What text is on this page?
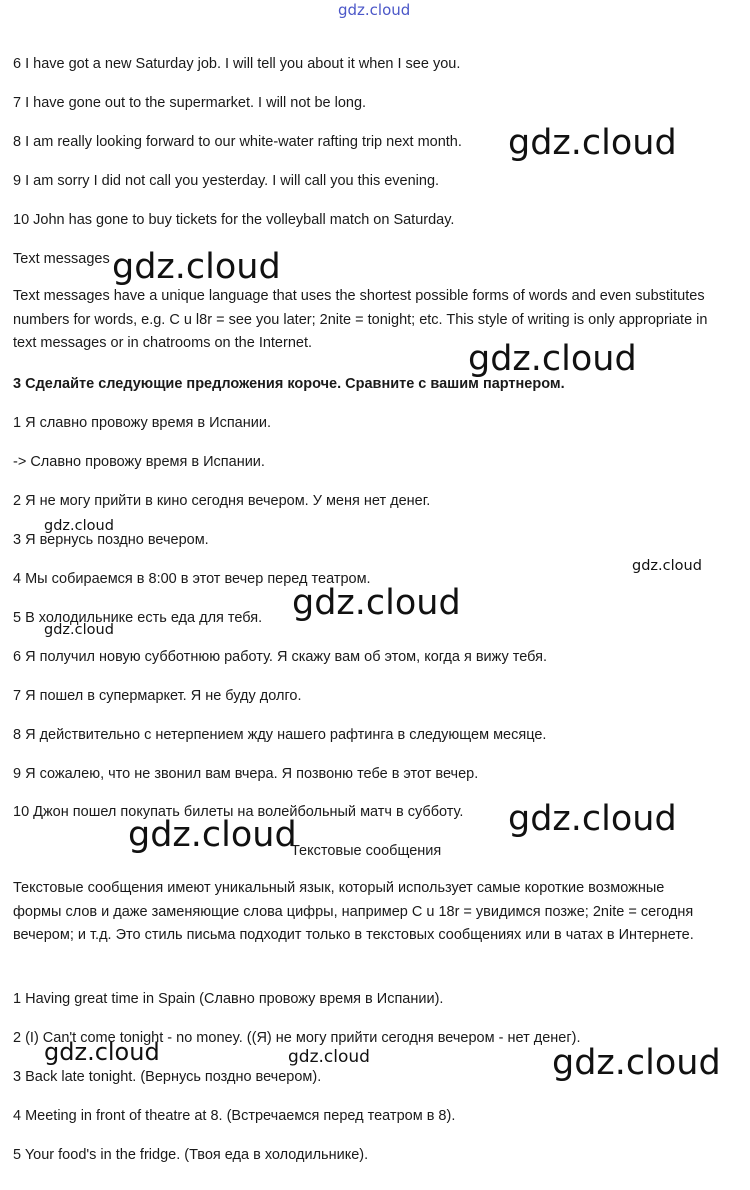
gdz.cloud

6 I have got a new Saturday job. I will tell you about it when I see you.

7 I have gone out to the supermarket. I will not be long.

8 I am really looking forward to our white-water rafting trip next month.

9 I am sorry I did not call you yesterday. I will call you this evening.

10 John has gone to buy tickets for the volleyball match on Saturday.

Text messages

Text messages have a unique language that uses the shortest possible forms of words and even substitutes numbers for words, e.g. C u l8r = see you later; 2nite = tonight; etc. This style of writing is only appropriate in text messages or in chatrooms on the Internet.

3 Сделайте следующие предложения короче. Сравните с вашим партнером.

1 Я славно провожу время в Испании.

-> Славно провожу время в Испании.

2 Я не могу прийти в кино сегодня вечером. У меня нет денег.

3 Я вернусь поздно вечером.

4 Мы собираемся в 8:00 в этот вечер перед театром.

5 В холодильнике есть еда для тебя.

6 Я получил новую субботнюю работу. Я скажу вам об этом, когда я вижу тебя.

7 Я пошел в супермаркет. Я не буду долго.

8 Я действительно с нетерпением жду нашего рафтинга в следующем месяце.

9 Я сожалею, что не звонил вам вчера. Я позвоню тебе в этот вечер.

10 Джон пошел покупать билеты на волейбольный матч в субботу.

Текстовые сообщения

Текстовые сообщения имеют уникальный язык, который использует самые короткие возможные формы слов и даже заменяющие слова цифры, например C u 18r = увидимся позже; 2nite = сегодня вечером; и т.д. Это стиль письма подходит только в текстовых сообщениях или в чатах в Интернете.

1 Having great time in Spain (Славно провожу время в Испании).

2 (I) Can't come tonight - no money. ((Я) не могу прийти сегодня вечером - нет денег).

3 Back late tonight. (Вернусь поздно вечером).

4 Meeting in front of theatre at 8. (Встречаемся перед театром в 8).

5 Your food's in the fridge. (Твоя еда в холодильнике).

gdz.cloud
gdz.cloud
gdz.cloud
gdz.cloud
gdz.cloud
gdz.cloud
gdz.cloud
gdz.cloud
gdz.cloud
gdz.cloud	gdz.cloud	gdz.cloud
